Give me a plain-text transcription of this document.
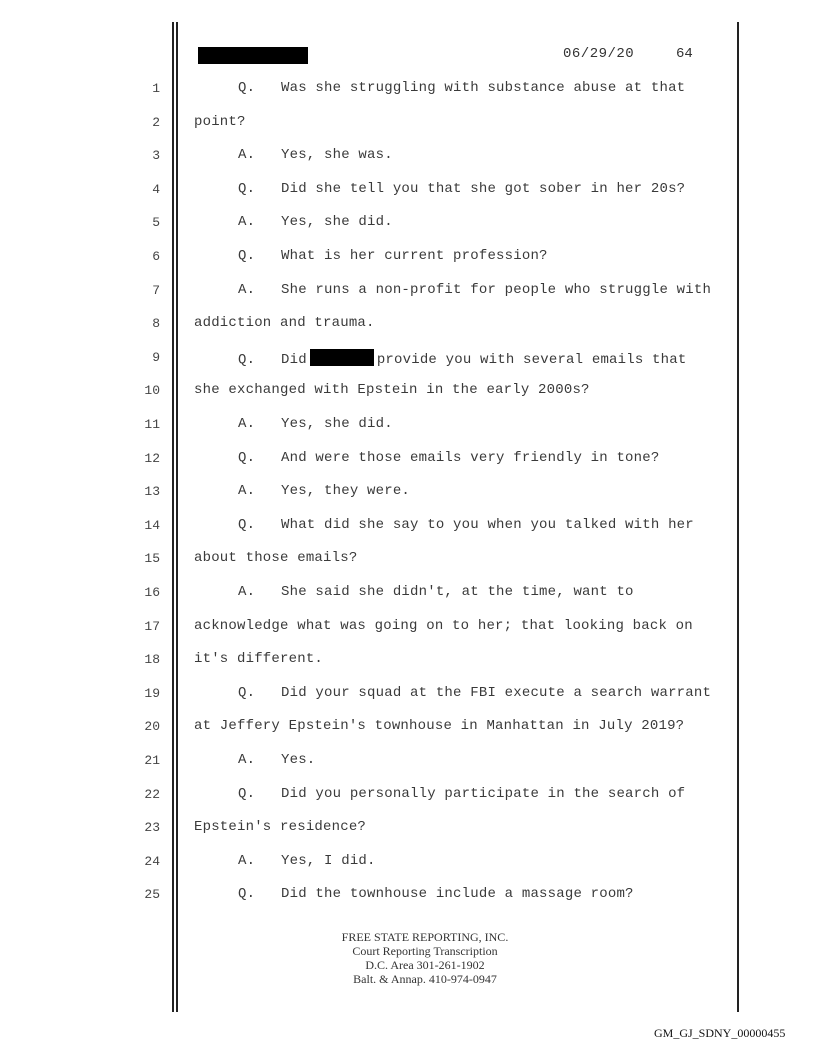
06/29/20	64
1	Q.   Was she struggling with substance abuse at that
2 point?
3	A.   Yes, she was.
4	Q.   Did she tell you that she got sober in her 20s?
5	A.   Yes, she did.
6	Q.   What is her current profession?
7	A.   She runs a non-profit for people who struggle with
8 addiction and trauma.
9	Q.   Did	provide you with several emails that
10 she exchanged with Epstein in the early 2000s?
11	A.   Yes, she did.
12	Q.   And were those emails very friendly in tone?
13	A.   Yes, they were.
14	Q.   What did she say to you when you talked with her
15 about those emails?
16	A.   She said she didn't, at the time, want to
17 acknowledge what was going on to her; that looking back on
18 it's different.
19	Q.   Did your squad at the FBI execute a search warrant
20 at Jeffery Epstein's townhouse in Manhattan in July 2019?
21	A.   Yes.
22	Q.   Did you personally participate in the search of
23 Epstein's residence?
24	A.   Yes, I did.
25	Q.   Did the townhouse include a massage room?
FREE STATE REPORTING, INC.
Court Reporting Transcription
D.C. Area 301-261-1902
Balt. & Annap. 410-974-0947
GM_GJ_SDNY_00000455
